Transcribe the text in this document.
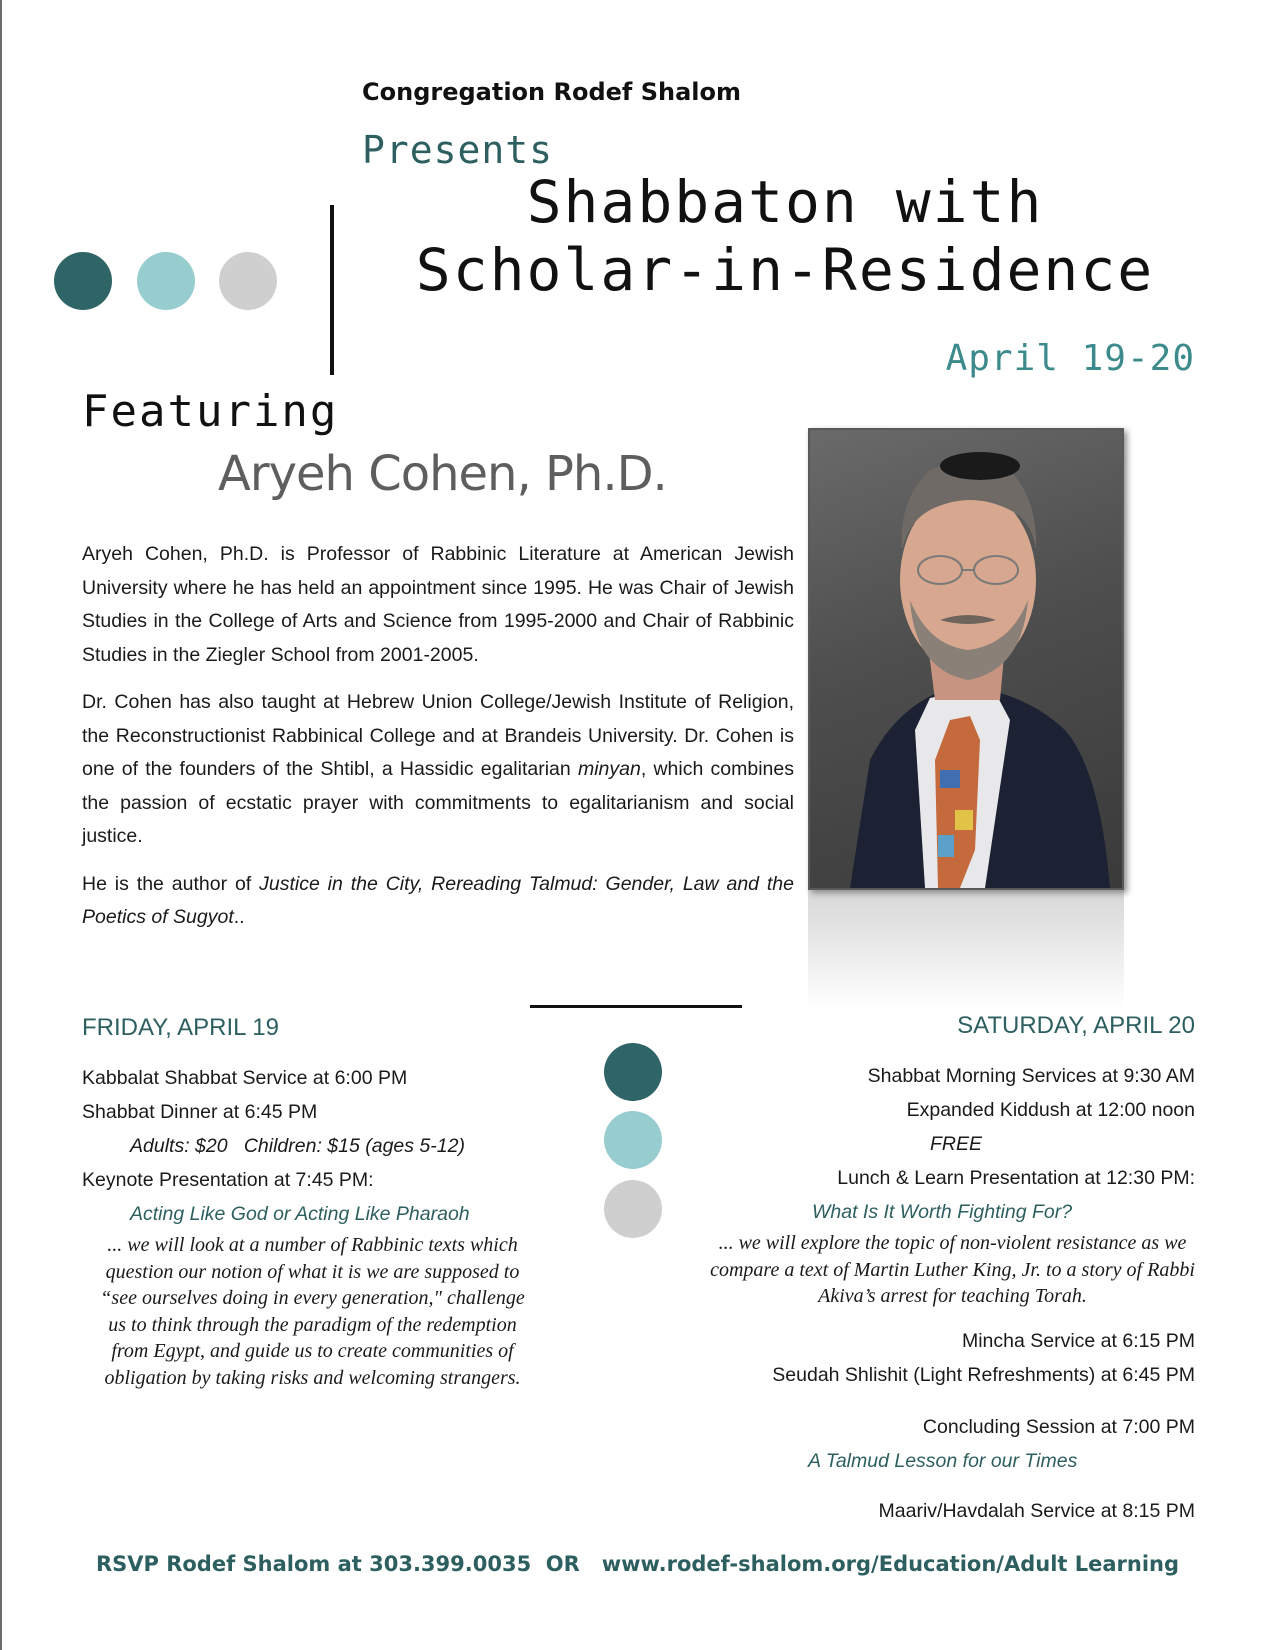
Congregation Rodef Shalom
Presents
Shabbaton with
Scholar-in-Residence
April 19-20
Featuring
Aryeh Cohen, Ph.D.

Aryeh Cohen, Ph.D. is Professor of Rabbinic Literature at American Jewish University where he has held an appointment since 1995. He was Chair of Jewish Studies in the College of Arts and Science from 1995-2000 and Chair of Rabbinic Studies in the Ziegler School from 2001-2005.

Dr. Cohen has also taught at Hebrew Union College/Jewish Institute of Religion, the Reconstructionist Rabbinical College and at Brandeis University. Dr. Cohen is one of the founders of the Shtibl, a Hassidic egalitarian minyan, which combines the passion of ecstatic prayer with commitments to egalitarianism and social justice.

He is the author of Justice in the City, Rereading Talmud: Gender, Law and the Poetics of Sugyot..

FRIDAY, APRIL 19
Kabbalat Shabbat Service at 6:00 PM
Shabbat Dinner at 6:45 PM
Adults: $20   Children: $15 (ages 5-12)
Keynote Presentation at 7:45 PM:
Acting Like God or Acting Like Pharaoh
... we will look at a number of Rabbinic texts which question our notion of what it is we are supposed to “see ourselves doing in every generation," challenge us to think through the paradigm of the redemption from Egypt, and guide us to create communities of obligation by taking risks and welcoming strangers.
SATURDAY, APRIL 20
Shabbat Morning Services at 9:30 AM
Expanded Kiddush at 12:00 noon
FREE
Lunch & Learn Presentation at 12:30 PM:
What Is It Worth Fighting For?
... we will explore the topic of non-violent resistance as we compare a text of Martin Luther King, Jr. to a story of Rabbi Akiva’s arrest for teaching Torah.
Mincha Service at 6:15 PM
Seudah Shlishit (Light Refreshments) at 6:45 PM
Concluding Session at 7:00 PM
A Talmud Lesson for our Times
Maariv/Havdalah Service at 8:15 PM
RSVP Rodef Shalom at 303.399.0035  OR   www.rodef-shalom.org/Education/Adult Learning
